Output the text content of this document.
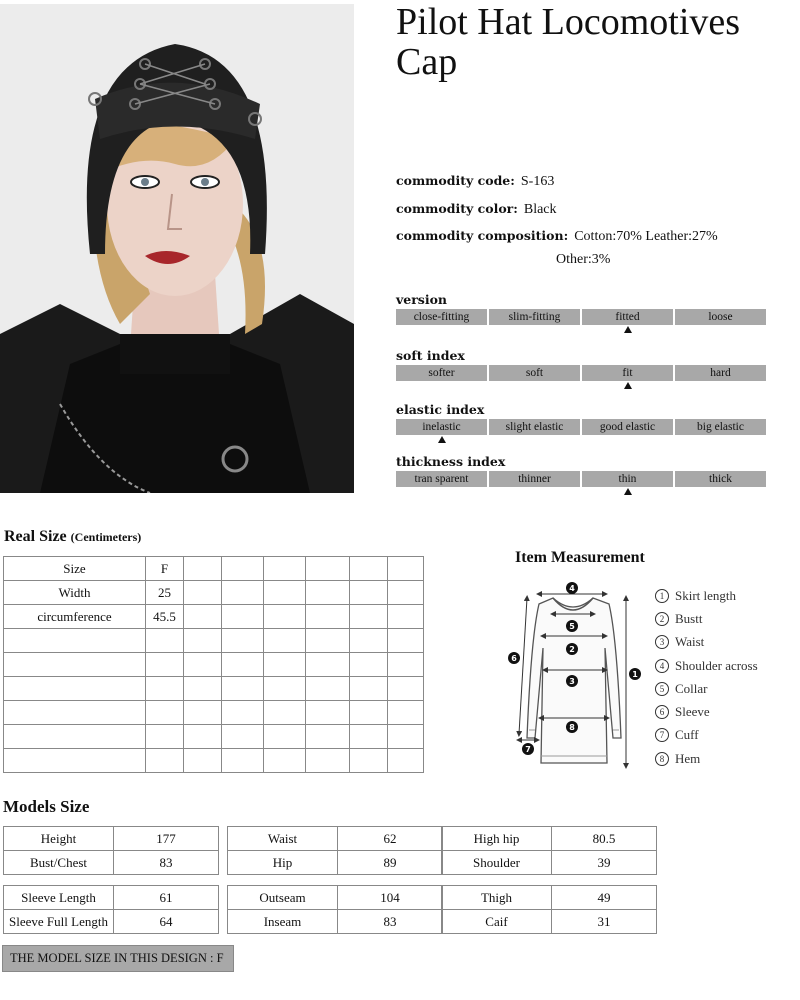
Pilot Hat Locomotives Cap
commodity code: S-163
commodity color: Black
commodity composition: Cotton:70% Leather:27%
Other:3%
version
close-fitting	slim-fitting	fitted	loose
soft index
softer	soft	fit	hard
elastic index
inelastic	slight elastic	good elastic	big elastic
thickness index
tran sparent	thinner	thin	thick
Real Size (Centimeters)
Size	F						
Width	25						
circumference	45.5						

Item Measurement
4
5
2
3
8
1
6
7
1 Skirt length
2 Bustt
3 Waist
4 Shoulder across
5 Collar
6 Sleeve
7 Cuff
8 Hem
Models Size
Height	177
Bust/Chest	83
Waist	62
Hip	89
High hip	80.5
Shoulder	39
Sleeve Length	61
Sleeve Full Length	64
Outseam	104
Inseam	83
Thigh	49
Caif	31
THE MODEL SIZE IN THIS DESIGN : F
